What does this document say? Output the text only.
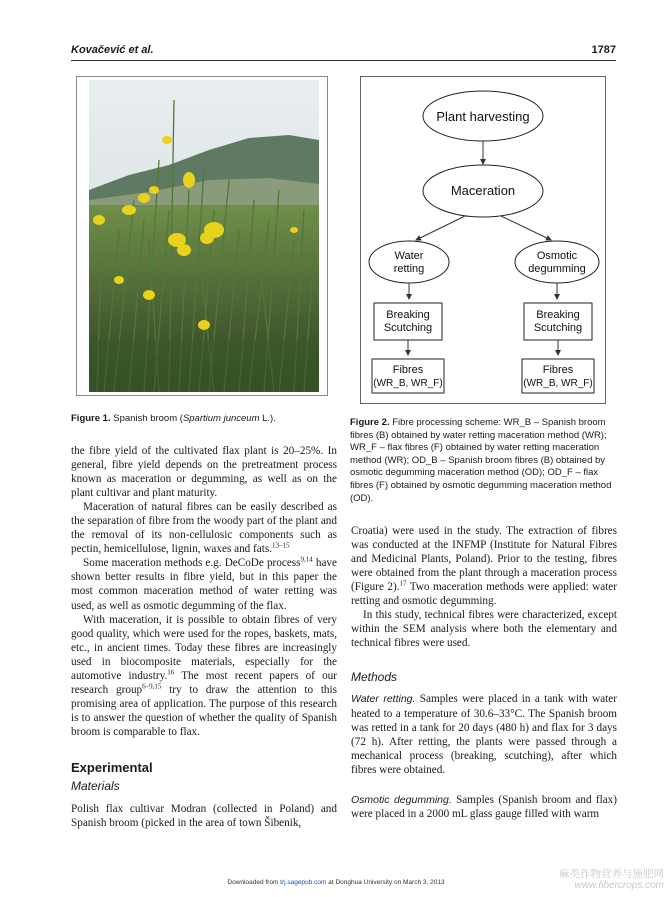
Kovačević et al.	1787
Figure 1. Spanish broom (Spartium junceum L.).
Plant harvesting
Maceration
Water
retting
Osmotic
degumming
Breaking
Scutching
Breaking
Scutching
Fibres
(WR_B, WR_F)
Fibres
(WR_B, WR_F)
Figure 2. Fibre processing scheme: WR_B – Spanish broom fibres (B) obtained by water retting maceration method (WR); WR_F – flax fibres (F) obtained by water retting maceration method (WR); OD_B – Spanish broom fibres (B) obtained by osmotic degumming maceration method (OD); OD_F – flax fibres (F) obtained by osmotic degumming maceration method (OD).

the fibre yield of the cultivated flax plant is 20–25%. In general, fibre yield depends on the pretreatment process known as maceration or degumming, as well as on the plant cultivar and plant maturity.

Maceration of natural fibres can be easily described as the separation of fibre from the woody part of the plant and the removal of its non-cellulosic components such as pectin, hemicellulose, lignin, waxes and fats.$^{13-15}$

Some maceration methods e.g. DeCoDe process$^{9,14}$ have shown better results in fibre yield, but in this paper the most common maceration method of water retting was used, as well as osmotic degumming of the flax.

With maceration, it is possible to obtain fibres of very good quality, which were used for the ropes, baskets, mats, etc., in ancient times. Today these fibres are increasingly used in biocomposite materials, especially for the automotive industry.$^{16}$ The most recent papers of our research group$^{6-9,15}$ try to draw the attention to this promising area of application. The purpose of this research is to answer the question of whether the quality of Spanish broom is comparable to flax.

Experimental

Materials

Polish flax cultivar Modran (collected in Poland) and Spanish broom (picked in the area of town Šibenik,

Croatia) were used in the study. The extraction of fibres was conducted at the INFMP (Institute for Natural Fibres and Medicinal Plants, Poland). Prior to the testing, fibres were obtained from the plant through a maceration process (Figure 2).$^{17}$ Two maceration methods were applied: water retting and osmotic degumming.

In this study, technical fibres were characterized, except within the SEM analysis where both the elementary and technical fibres were used.

Methods

Water retting. Samples were placed in a tank with water heated to a temperature of 30.6–33°C. The Spanish broom was retted in a tank for 20 days (480 h) and flax for 3 days (72 h). After retting, the plants were passed through a mechanical process (breaking, scutching), after which fibres were obtained.

Osmotic degumming. Samples (Spanish broom and flax) were placed in a 2000 mL glass gauge filled with warm

Downloaded from trj.sagepub.com at Donghua University on March 3, 2013
麻类作物营养与施肥网
www.fibercrops.com
